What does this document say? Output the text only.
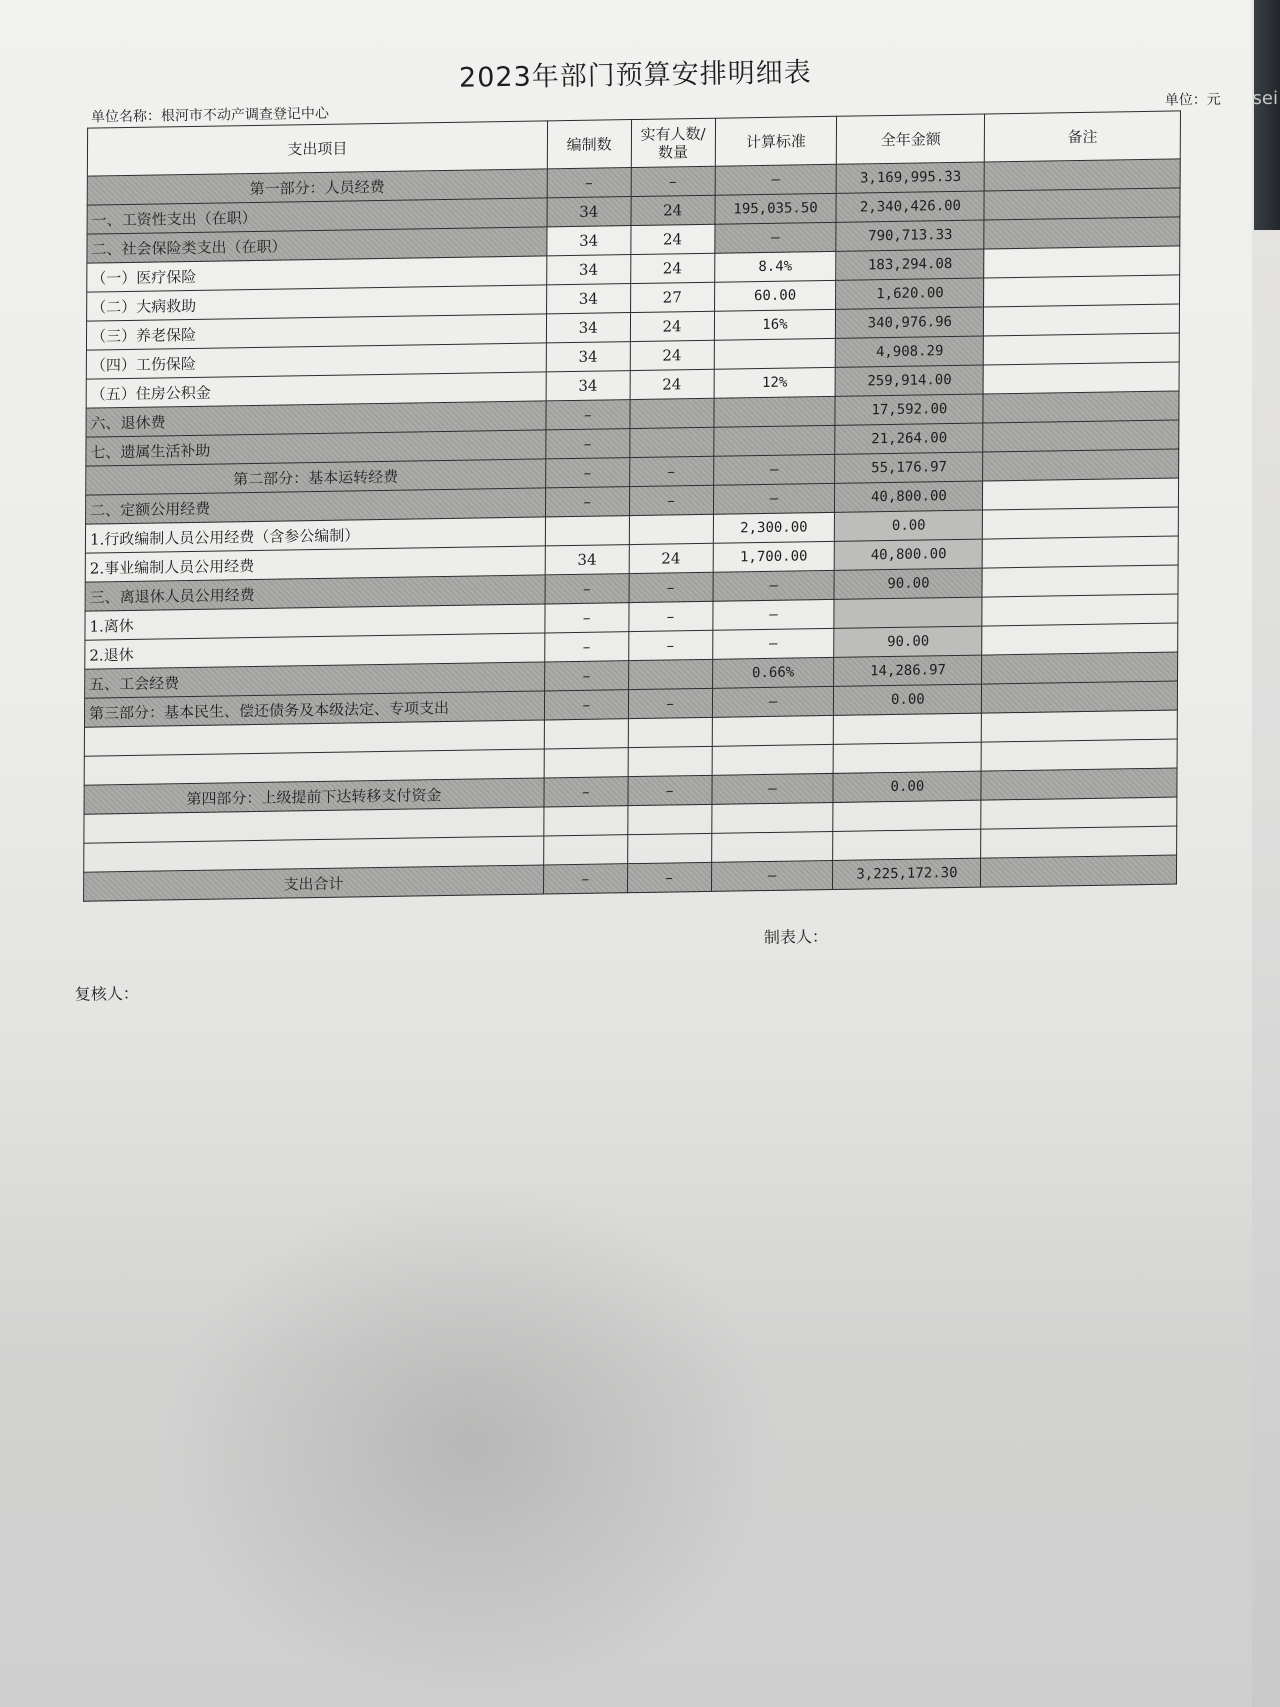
sei
2023年部门预算安排明细表
单位名称：根河市不动产调查登记中心
单位：元
支出项目	编制数	实有人数/数量	计算标准	全年金额	备注
第一部分：人员经费	–	–	–	3,169,995.33	
一、工资性支出（在职）	34	24	195,035.50	2,340,426.00	
二、社会保险类支出（在职）	34	24	–	790,713.33	
（一）医疗保险	34	24	8.4%	183,294.08	
（二）大病救助	34	27	60.00	1,620.00	
（三）养老保险	34	24	16%	340,976.96	
（四）工伤保险	34	24		4,908.29	
（五）住房公积金	34	24	12%	259,914.00	
六、退休费	–			17,592.00	
七、遗属生活补助	–			21,264.00	
第二部分：基本运转经费	–	–	–	55,176.97	
二、定额公用经费	–	–	–	40,800.00	
1.行政编制人员公用经费（含参公编制）			2,300.00	0.00	
2.事业编制人员公用经费	34	24	1,700.00	40,800.00	
三、离退休人员公用经费	–	–	–	90.00	
1.离休	–	–	–		
2.退休	–	–	–	90.00	
五、工会经费	–		0.66%	14,286.97	
第三部分：基本民生、偿还债务及本级法定、专项支出	–	–	–	0.00	

第四部分：上级提前下达转移支付资金	–	–	–	0.00	

支出合计	–	–	–	3,225,172.30	
制表人：
复核人：
